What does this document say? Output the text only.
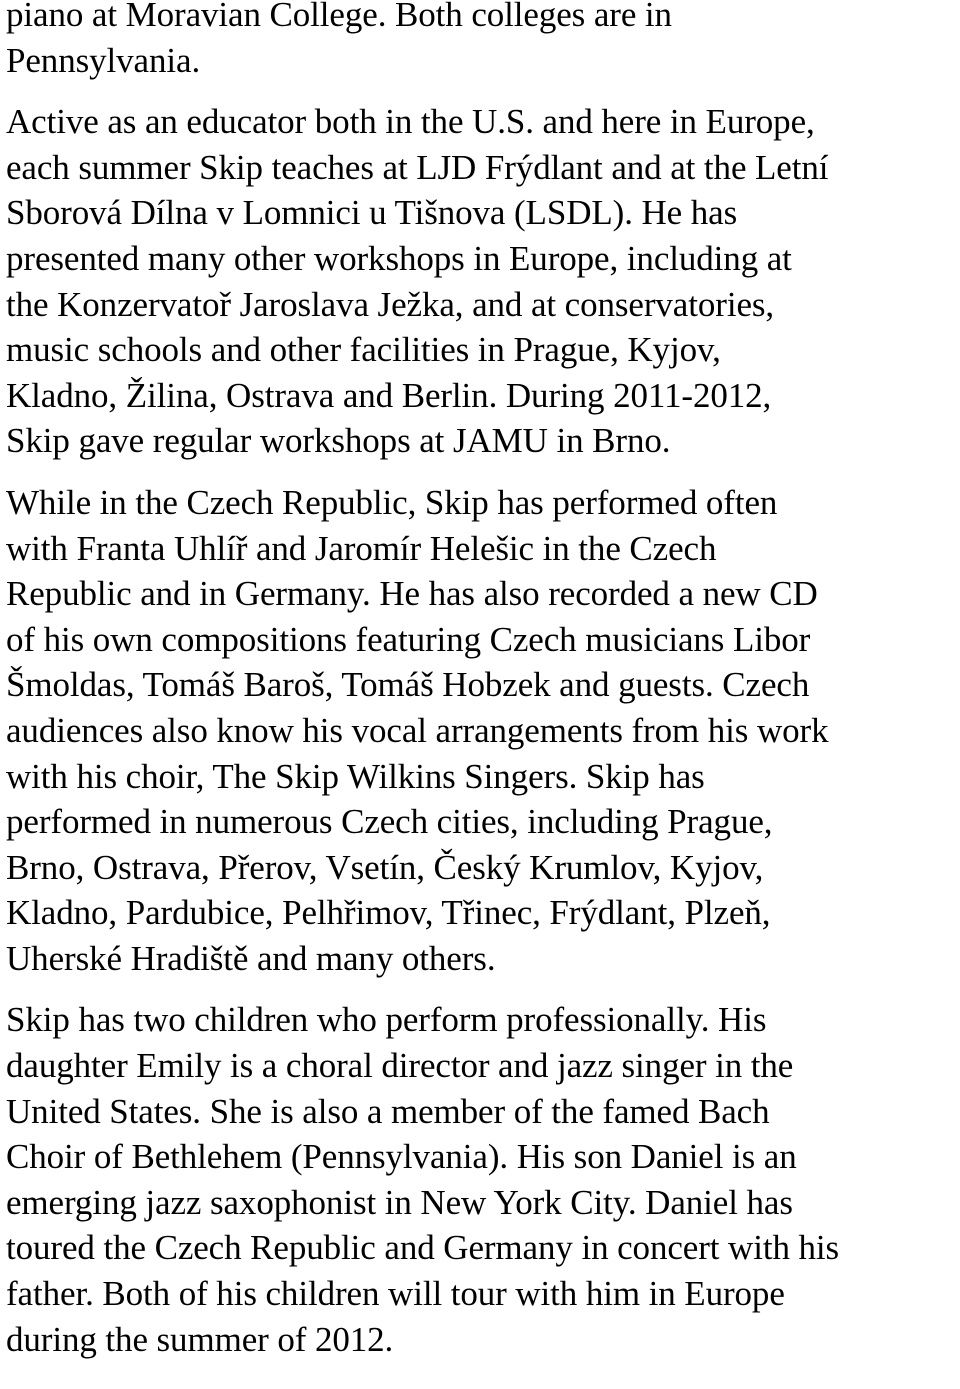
piano at Moravian College. Both colleges are in
Pennsylvania.
Active as an educator both in the U.S. and here in Europe,
each summer Skip teaches at LJD Frýdlant and at the Letní
Sborová Dílna v Lomnici u Tišnova (LSDL). He has
presented many other workshops in Europe, including at
the Konzervatoř Jaroslava Ježka, and at conservatories,
music schools and other facilities in Prague, Kyjov,
Kladno, Žilina, Ostrava and Berlin. During 2011-2012,
Skip gave regular workshops at JAMU in Brno.
While in the Czech Republic, Skip has performed often
with Franta Uhlíř and Jaromír Helešic in the Czech
Republic and in Germany. He has also recorded a new CD
of his own compositions featuring Czech musicians Libor
Šmoldas, Tomáš Baroš, Tomáš Hobzek and guests. Czech
audiences also know his vocal arrangements from his work
with his choir, The Skip Wilkins Singers. Skip has
performed in numerous Czech cities, including Prague,
Brno, Ostrava, Přerov, Vsetín, Český Krumlov, Kyjov,
Kladno, Pardubice, Pelhřimov, Třinec, Frýdlant, Plzeň,
Uherské Hradiště and many others.
Skip has two children who perform professionally. His
daughter Emily is a choral director and jazz singer in the
United States. She is also a member of the famed Bach
Choir of Bethlehem (Pennsylvania). His son Daniel is an
emerging jazz saxophonist in New York City. Daniel has
toured the Czech Republic and Germany in concert with his
father. Both of his children will tour with him in Europe
during the summer of 2012.
